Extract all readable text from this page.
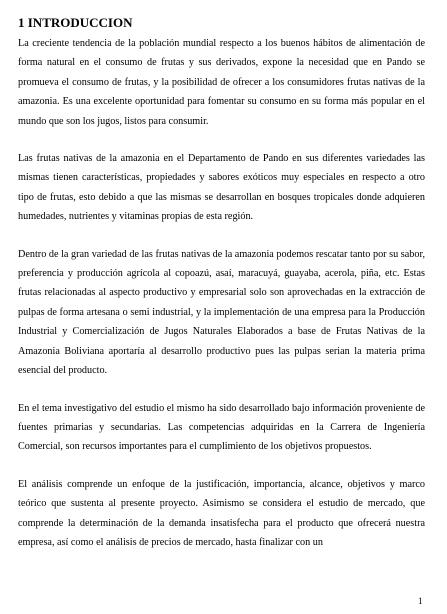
1 INTRODUCCION

La creciente tendencia de la población mundial respecto a los buenos hábitos de alimentación de forma natural en el consumo de frutas y sus derivados, expone la necesidad que en Pando se promueva el consumo de frutas, y la posibilidad de ofrecer a los consumidores frutas nativas de la amazonia. Es una excelente oportunidad para fomentar su consumo en su forma más popular en el mundo que son los jugos, listos para consumir.

Las frutas nativas de la amazonia en el Departamento de Pando en sus diferentes variedades las mismas tienen características, propiedades y sabores exóticos muy especiales en respecto a otro tipo de frutas, esto debido a que las mismas se desarrollan en bosques tropicales donde adquieren humedades, nutrientes y vitaminas propias de esta región.

Dentro de la gran variedad de las frutas nativas de la amazonia podemos rescatar tanto por su sabor, preferencia y producción agrícola al copoazú, asaí, maracuyá, guayaba, acerola, piña, etc. Estas frutas relacionadas al aspecto productivo y empresarial solo son aprovechadas en la extracción de pulpas de forma artesana o semi industrial, y la implementación de una empresa para la Producción Industrial y Comercialización de Jugos Naturales Elaborados a base de Frutas Nativas de la Amazonia Boliviana aportaría al desarrollo productivo pues las pulpas serian la materia prima esencial del producto.

En el tema investigativo del estudio el mismo ha sido desarrollado bajo información proveniente de fuentes primarias y secundarias. Las competencias adquiridas en la Carrera de Ingeniería Comercial, son recursos importantes para el cumplimiento de los objetivos propuestos.

El análisis comprende un enfoque de la justificación, importancia, alcance, objetivos y marco teórico que sustenta al presente proyecto. Asimismo se considera el estudio de mercado, que comprende la determinación de la demanda insatisfecha para el producto que ofrecerá nuestra empresa, así como el análisis de precios de mercado, hasta finalizar con un

1
